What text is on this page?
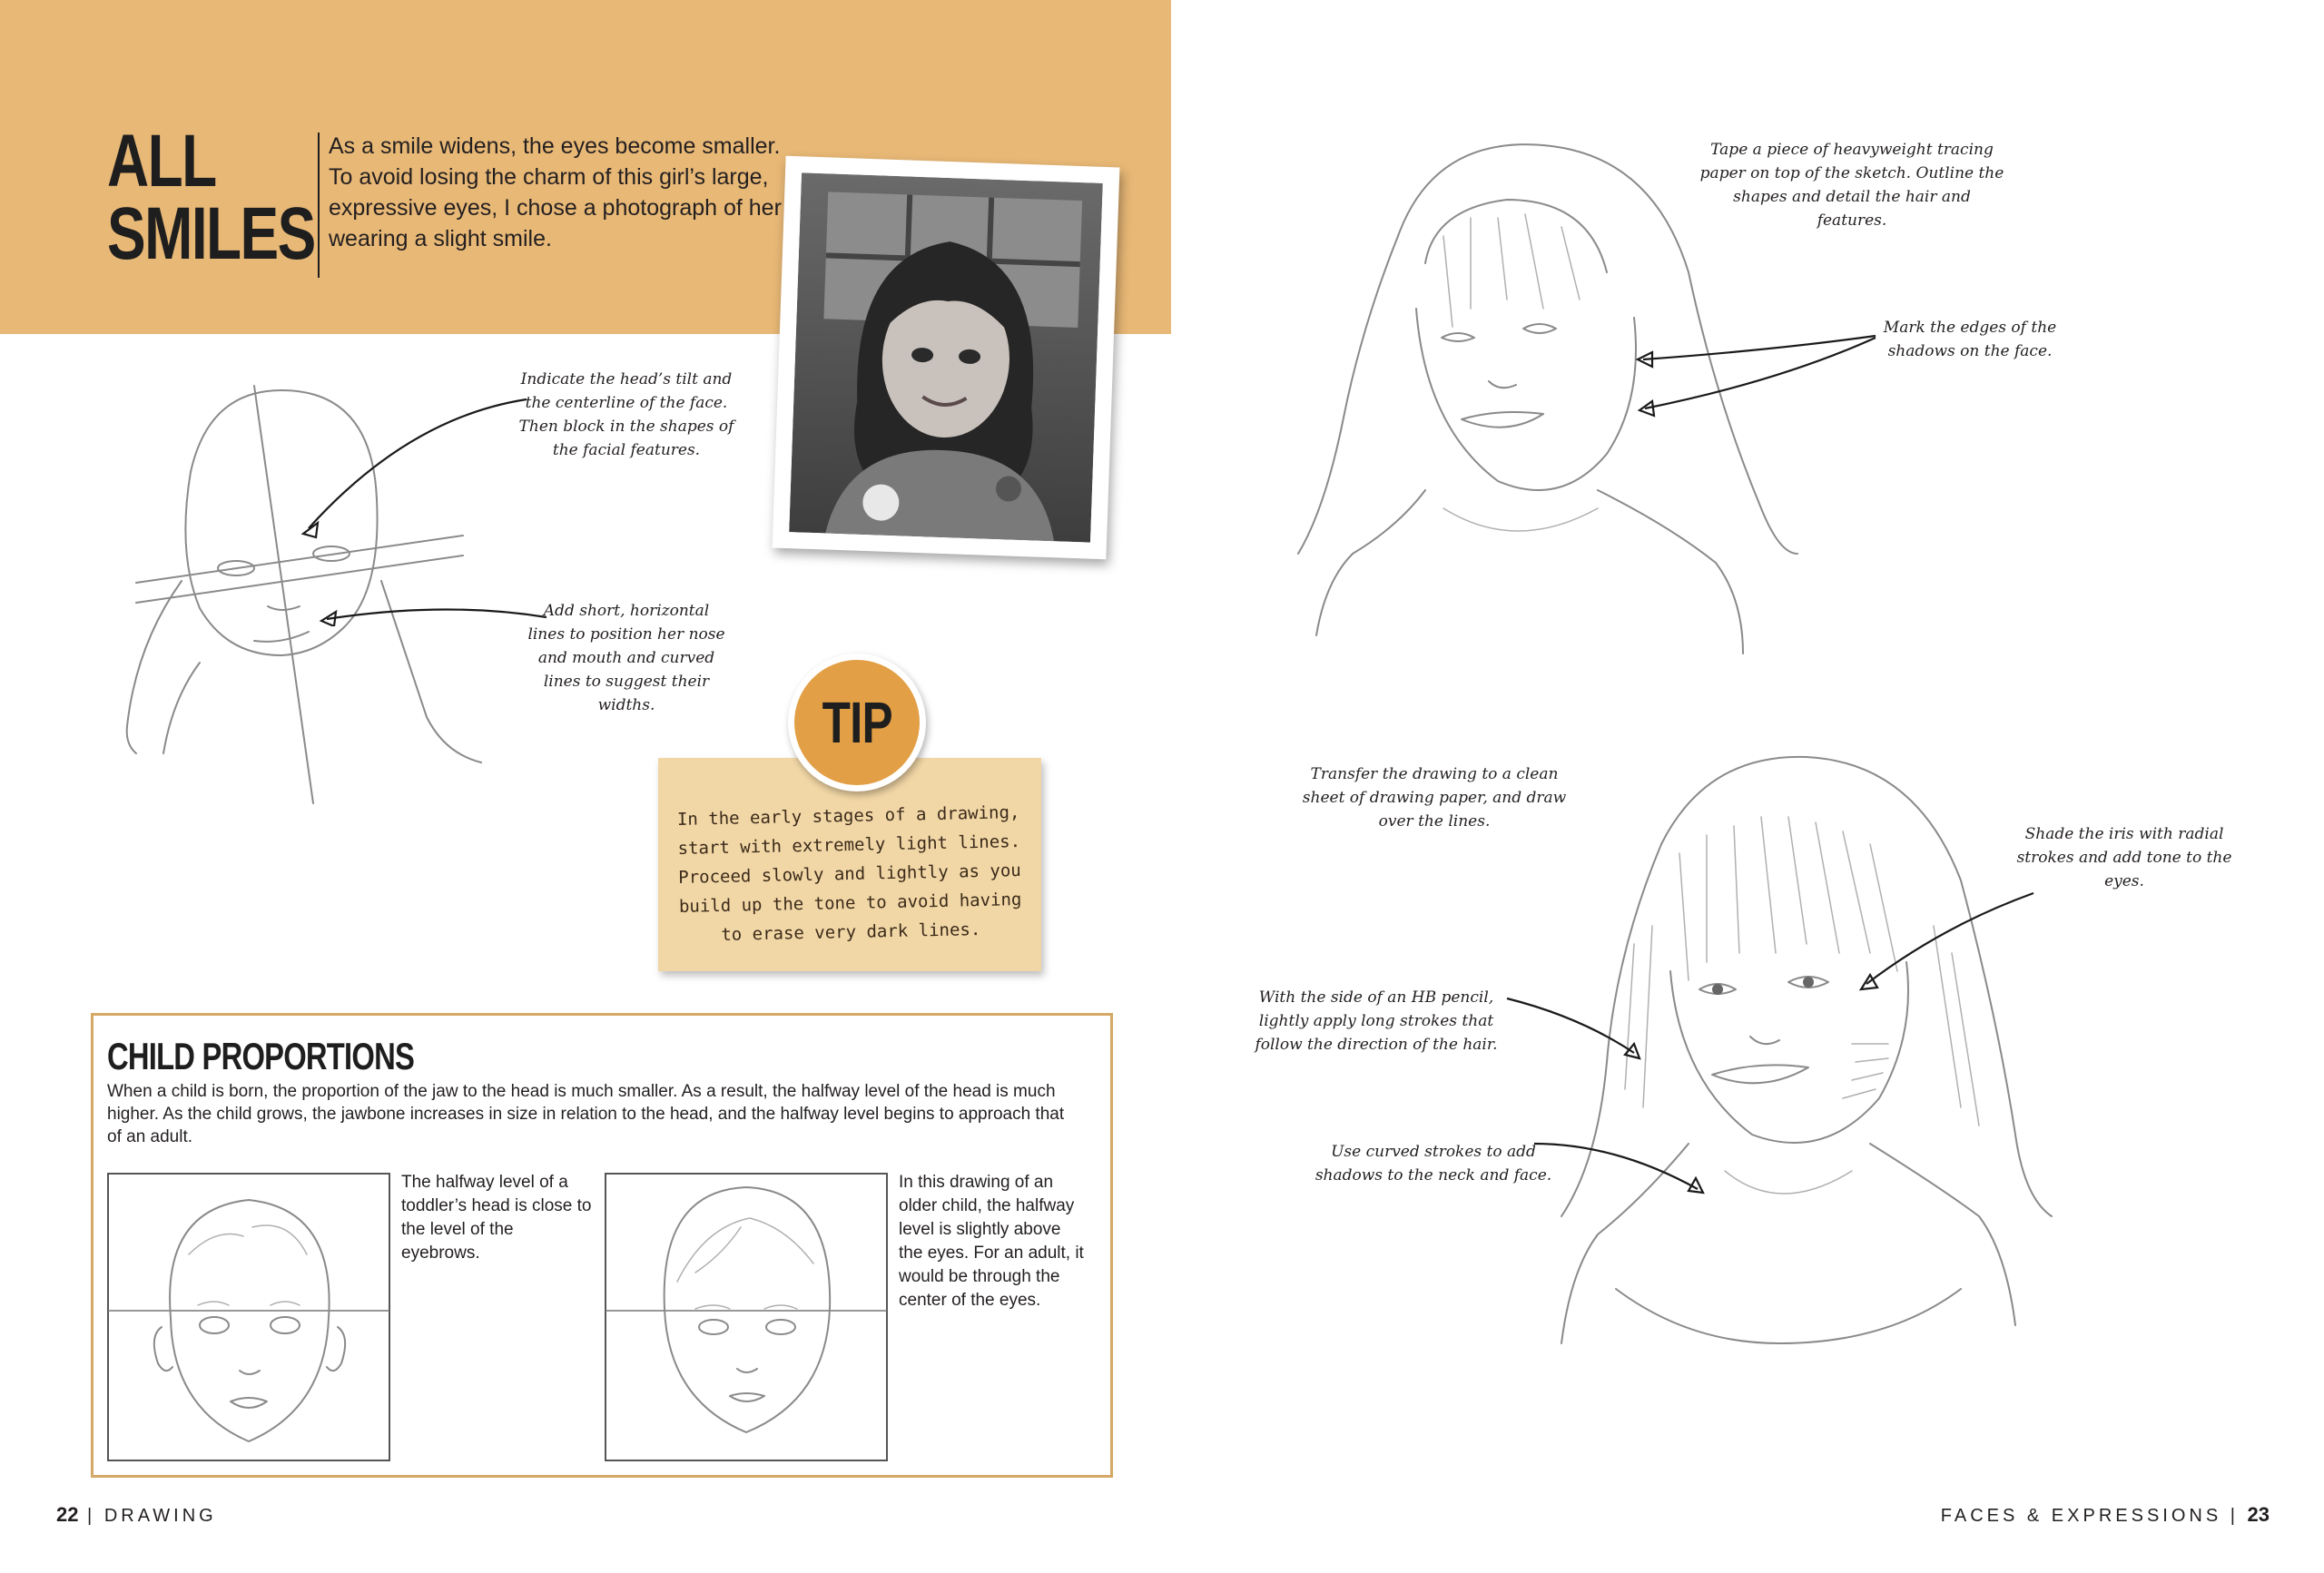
ALL
SMILES
As a smile widens, the eyes become smaller. To avoid losing the charm of this girl’s large, expressive eyes, I chose a photograph of her wearing a slight smile.
Indicate the head’s tilt and the centerline of the face. Then block in the shapes of the facial features.
Add short, horizontal lines to position her nose and mouth and curved lines to suggest their widths.
In the early stages of a drawing, start with extremely light lines. Proceed slowly and lightly as you build up the tone to avoid having to erase very dark lines.
TIP
CHILD PROPORTIONS
When a child is born, the proportion of the jaw to the head is much smaller. As a result, the halfway level of the head is much higher. As the child grows, the jawbone increases in size in relation to the head, and the halfway level begins to approach that of an adult.
The halfway level of a toddler’s head is close to the level of the eyebrows.
In this drawing of an older child, the halfway level is slightly above the eyes. For an adult, it would be through the center of the eyes.
Tape a piece of heavyweight tracing paper on top of the sketch. Outline the shapes and detail the hair and features.
Mark the edges of the shadows on the face.
Transfer the drawing to a clean sheet of drawing paper, and draw over the lines.
Shade the iris with radial strokes and add tone to the eyes.
With the side of an HB pencil, lightly apply long strokes that follow the direction of the hair.
Use curved strokes to add shadows to the neck and face.
22 | DRAWING	FACES & EXPRESSIONS | 23
